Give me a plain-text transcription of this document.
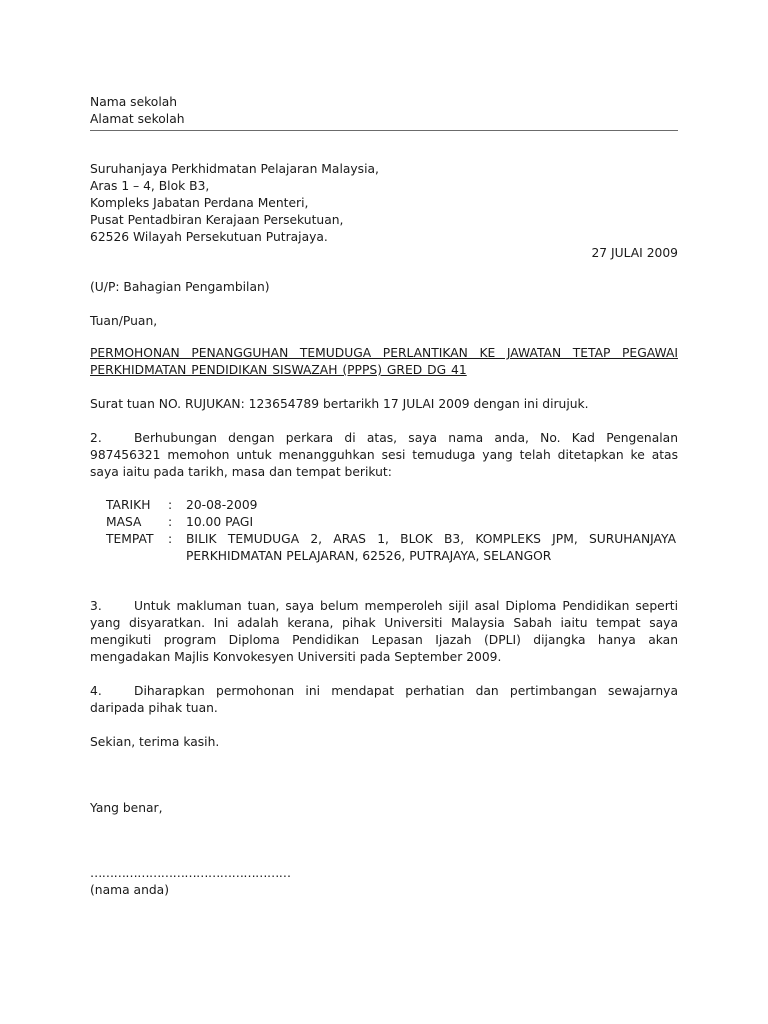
Nama sekolah
Alamat sekolah
Suruhanjaya Perkhidmatan Pelajaran Malaysia,
Aras 1 – 4, Blok B3,
Kompleks Jabatan Perdana Menteri,
Pusat Pentadbiran Kerajaan Persekutuan,
62526 Wilayah Persekutuan Putrajaya.
27 JULAI 2009
(U/P: Bahagian Pengambilan)
Tuan/Puan,
PERMOHONAN PENANGGUHAN TEMUDUGA PERLANTIKAN KE JAWATAN TETAP PEGAWAI PERKHIDMATAN PENDIDIKAN SISWAZAH (PPPS) GRED DG 41
Surat tuan NO. RUJUKAN: 123654789 bertarikh 17 JULAI 2009 dengan ini dirujuk.
2.	Berhubungan dengan perkara di atas, saya nama anda, No. Kad Pengenalan 987456321 memohon untuk menangguhkan sesi temuduga yang telah ditetapkan ke atas saya iaitu pada tarikh, masa dan tempat berikut:
TARIKH	:	20-08-2009
MASA	:	10.00 PAGI
TEMPAT	:	BILIK TEMUDUGA 2, ARAS 1, BLOK B3, KOMPLEKS JPM, SURUHANJAYA PERKHIDMATAN PELAJARAN, 62526, PUTRAJAYA, SELANGOR
3.	Untuk makluman tuan, saya belum memperoleh sijil asal Diploma Pendidikan seperti yang disyaratkan. Ini adalah kerana, pihak Universiti Malaysia Sabah iaitu tempat saya mengikuti program Diploma Pendidikan Lepasan Ijazah (DPLI) dijangka hanya akan mengadakan Majlis Konvokesyen Universiti pada September 2009.
4.	Diharapkan permohonan ini mendapat perhatian dan pertimbangan sewajarnya daripada pihak tuan.
Sekian, terima kasih.
Yang benar,
……………………………………………
(nama anda)
